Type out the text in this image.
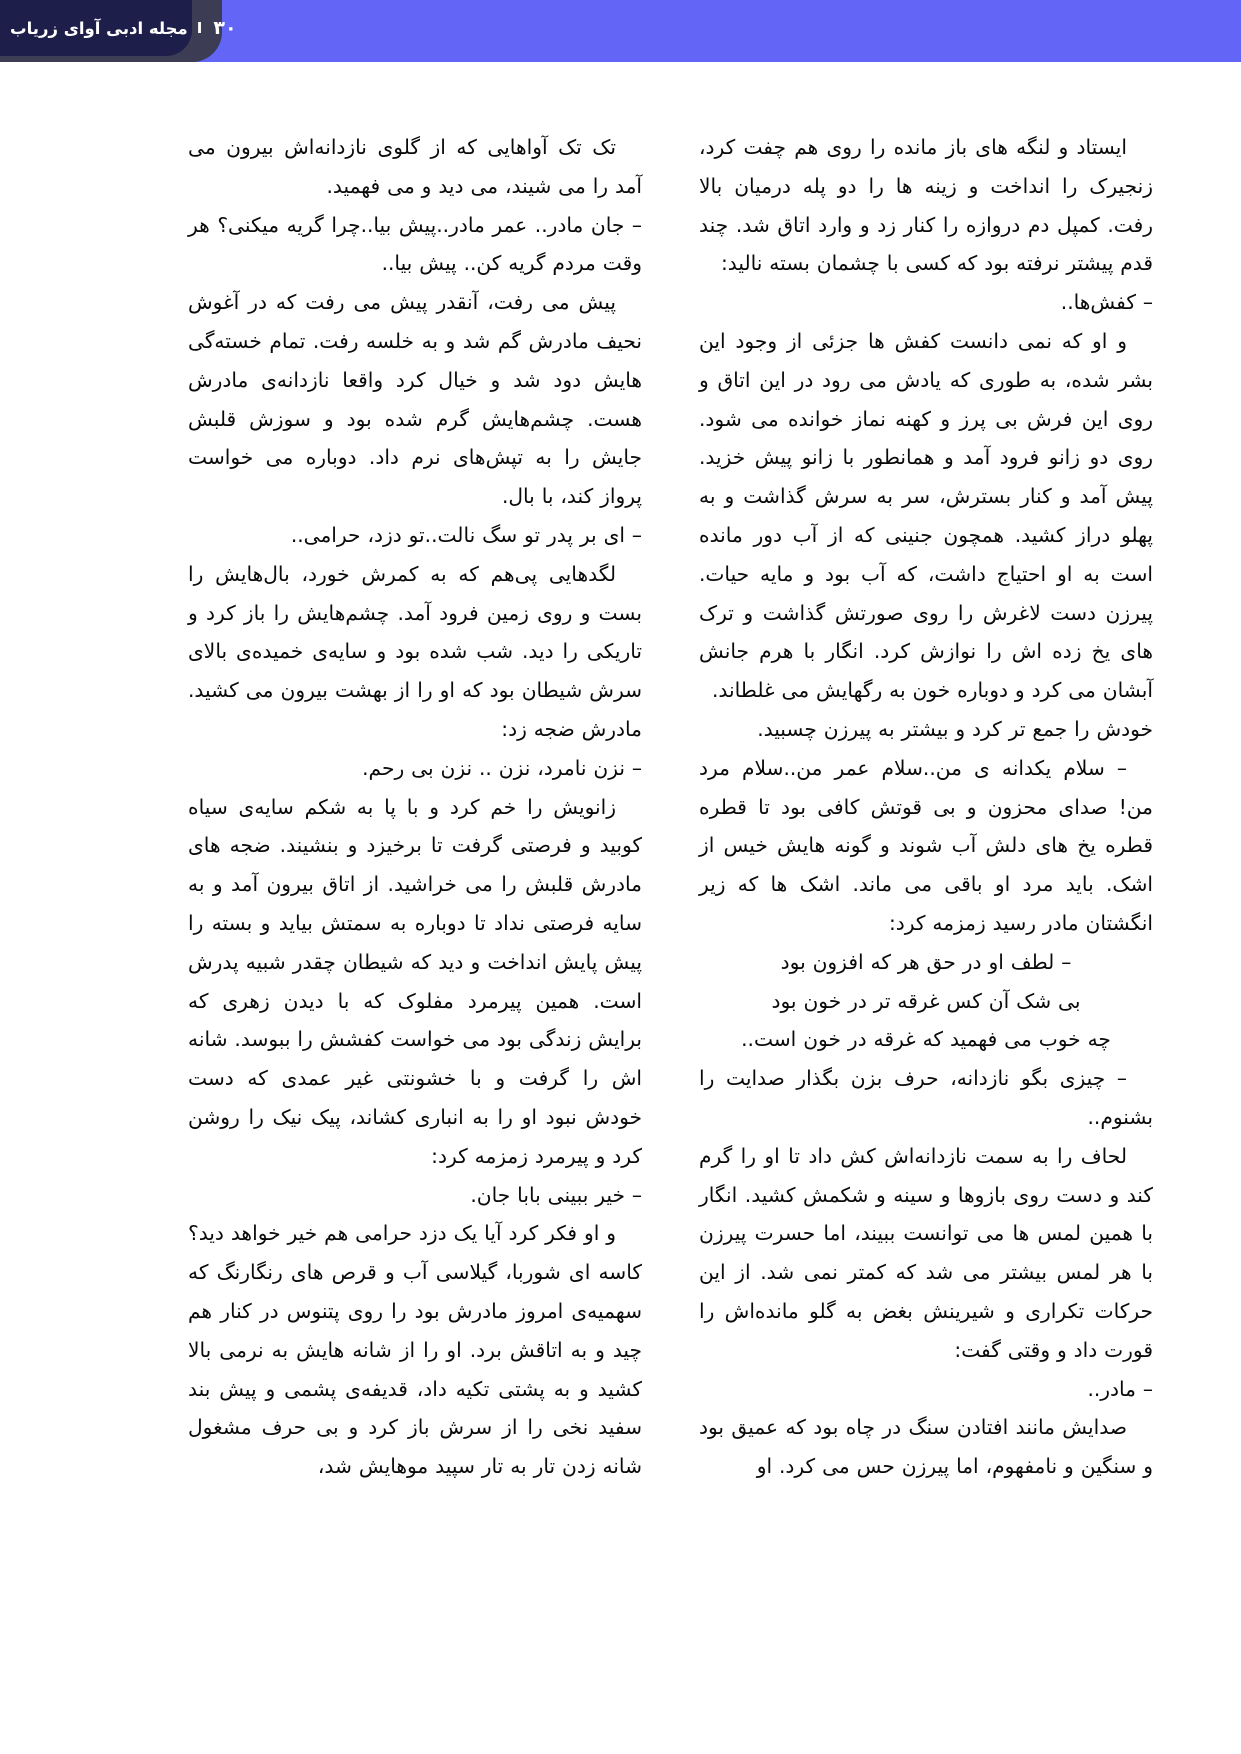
مجله ادبی آوای زریاب I ۳۰

ایستاد و لنگه های باز مانده را روی هم چفت کرد، زنجیرک را انداخت و زینه ها را دو پله درمیان بالا رفت. کمپل دم دروازه را کنار زد و وارد اتاق شد. چند قدم پیشتر نرفته بود که کسی با چشمان بسته نالید:

– کفش‌ها..

و او که نمی دانست کفش ها جزئی از وجود این بشر شده، به طوری که یادش می رود در این اتاق و روی این فرش بی پرز و کهنه نماز خوانده می شود. روی دو زانو فرود آمد و همانطور با زانو پیش خزید. پیش آمد و کنار بسترش، سر به سرش گذاشت و به پهلو دراز کشید. همچون جنینی که از آب دور مانده است به او احتیاج داشت، که آب بود و مایه حیات. پیرزن دست لاغرش را روی صورتش گذاشت و ترک های یخ زده اش را نوازش کرد. انگار با هرم جانش آبشان می کرد و دوباره خون به رگهایش می غلطاند.

خودش را جمع تر کرد و بیشتر به پیرزن چسبید.

– سلام یکدانه ی من..سلام عمر من..سلام مرد من! صدای محزون و بی قوتش کافی بود تا قطره قطره یخ های دلش آب شوند و گونه هایش خیس از اشک. باید مرد او باقی می ماند. اشک ها که زیر انگشتان مادر رسید زمزمه کرد:

– لطف او در حق هر که افزون بود

بی شک آن کس غرقه تر در خون بود

چه خوب می فهمید که غرقه در خون است..

– چیزی بگو نازدانه، حرف بزن بگذار صدایت را بشنوم..

لحاف را به سمت نازدانه‌اش کش داد تا او را گرم کند و دست روی بازوها و سینه و شکمش کشید. انگار با همین لمس ها می توانست ببیند، اما حسرت پیرزن با هر لمس بیشتر می شد که کمتر نمی شد. از این حرکات تکراری و شیرینش بغض به گلو مانده‌اش را قورت داد و وقتی گفت:

– مادر..

صدایش مانند افتادن سنگ در چاه بود که عمیق بود و سنگین و نامفهوم، اما پیرزن حس می کرد. او

تک تک آواهایی که از گلوی نازدانه‌اش بیرون می آمد را می شیند، می دید و می فهمید.

– جان مادر.. عمر مادر..پیش بیا..چرا گریه میکنی؟ هر وقت مردم گریه کن.. پیش بیا..

پیش می رفت، آنقدر پیش می رفت که در آغوش نحیف مادرش گم شد و به خلسه رفت. تمام خسته‌گی هایش دود شد و خیال کرد واقعا نازدانه‌ی مادرش هست. چشم‌هایش گرم شده بود و سوزش قلبش جایش را به تپش‌های نرم داد. دوباره می خواست پرواز کند، با بال.

– ای بر پدر تو سگ نالت..تو دزد، حرامی..

لگدهایی پی‌هم که به کمرش خورد، بال‌هایش را بست و روی زمین فرود آمد. چشم‌هایش را باز کرد و تاریکی را دید. شب شده بود و سایه‌ی خمیده‌ی بالای سرش شیطان بود که او را از بهشت بیرون می کشید. مادرش ضجه زد:

– نزن نامرد، نزن .. نزن بی رحم.

زانویش را خم کرد و با پا به شکم سایه‌ی سیاه کوبید و فرصتی گرفت تا برخیزد و بنشیند. ضجه های مادرش قلبش را می خراشید. از اتاق بیرون آمد و به سایه فرصتی نداد تا دوباره به سمتش بیاید و بسته را پیش پایش انداخت و دید که شیطان چقدر شبیه پدرش است. همین پیرمرد مفلوک که با دیدن زهری که برایش زندگی بود می خواست کفشش را ببوسد. شانه اش را گرفت و با خشونتی غیر عمدی که دست خودش نبود او را به انباری کشاند، پیک نیک را روشن کرد و پیرمرد زمزمه کرد:

– خیر ببینی بابا جان.

و او فکر کرد آیا یک دزد حرامی هم خیر خواهد دید؟ کاسه ای شوربا، گیلاسی آب و قرص های رنگارنگ که سهمیه‌ی امروز مادرش بود را روی پتنوس در کنار هم چید و به اتاقش برد. او را از شانه هایش به نرمی بالا کشید و به پشتی تکیه داد، قدیفه‌ی پشمی و پیش بند سفید نخی را از سرش باز کرد و بی حرف مشغول شانه زدن تار به تار سپید موهایش شد،
